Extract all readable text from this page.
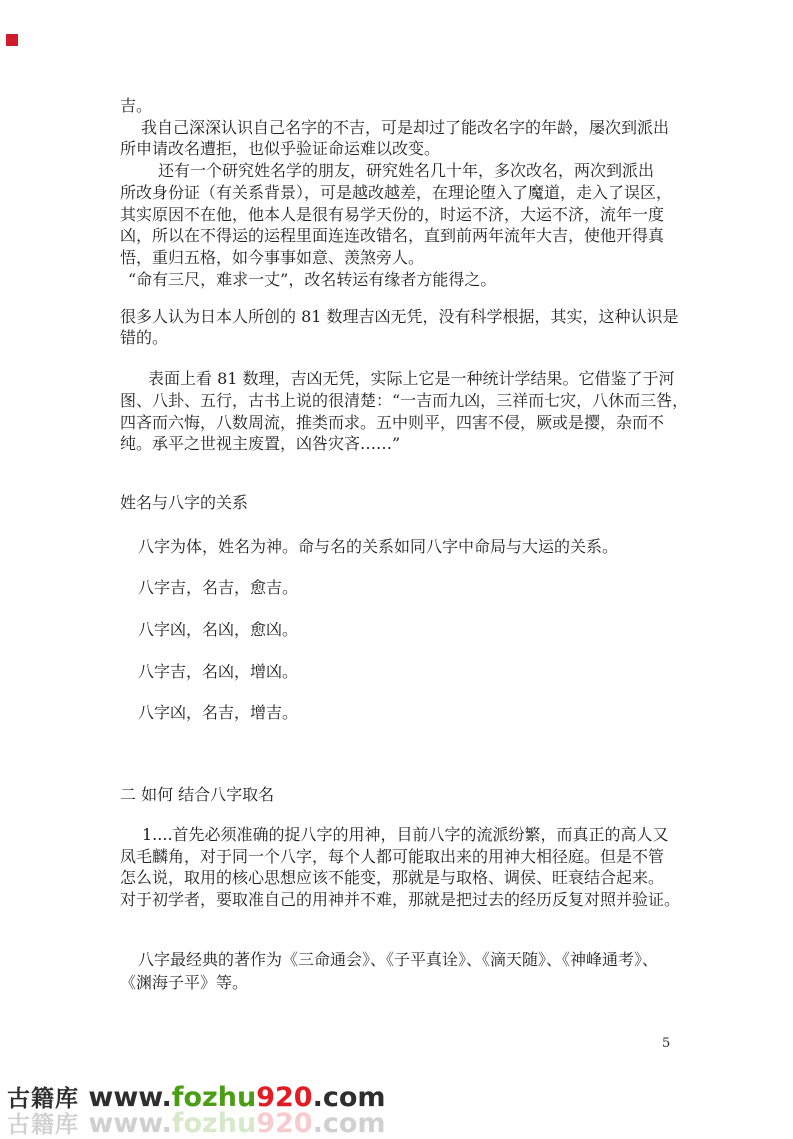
吉。
我自己深深认识自己名字的不吉，可是却过了能改名字的年龄，屡次到派出
所申请改名遭拒，也似乎验证命运难以改变。
还有一个研究姓名学的朋友，研究姓名几十年，多次改名，两次到派出
所改身份证（有关系背景），可是越改越差，在理论堕入了魔道，走入了误区，
其实原因不在他，他本人是很有易学天份的，时运不济，大运不济，流年一度
凶，所以在不得运的运程里面连连改错名，直到前两年流年大吉，使他开得真
悟，重归五格，如今事事如意、羡煞旁人。
“命有三尺，难求一丈”，改名转运有缘者方能得之。
很多人认为日本人所创的 81 数理吉凶无凭，没有科学根据，其实，这种认识是
错的。
表面上看 81 数理，吉凶无凭，实际上它是一种统计学结果。它借鉴了于河
图、八卦、五行，古书上说的很清楚：“一吉而九凶，三祥而七灾，八休而三咎，
四吝而六悔，八数周流，推类而求。五中则平，四害不侵，厥或是撄，杂而不
纯。承平之世视主废置，凶咎灾吝……”
姓名与八字的关系
八字为体，姓名为神。命与名的关系如同八字中命局与大运的关系。
八字吉，名吉，愈吉。
八字凶，名凶，愈凶。
八字吉，名凶，增凶。
八字凶，名吉，增吉。
二 如何 结合八字取名
1....首先必须准确的捉八字的用神，目前八字的流派纷繁，而真正的高人又
凤毛麟角，对于同一个八字，每个人都可能取出来的用神大相径庭。但是不管
怎么说，取用的核心思想应该不能变，那就是与取格、调侯、旺衰结合起来。
对于初学者，要取准自己的用神并不难，那就是把过去的经历反复对照并验证。
八字最经典的著作为《三命通会》、《子平真诠》、《滴天随》、《神峰通考》、
《渊海子平》等。
5
古籍库 www. fozhu 920 .com
古籍库 www. fozhu 920 .com
